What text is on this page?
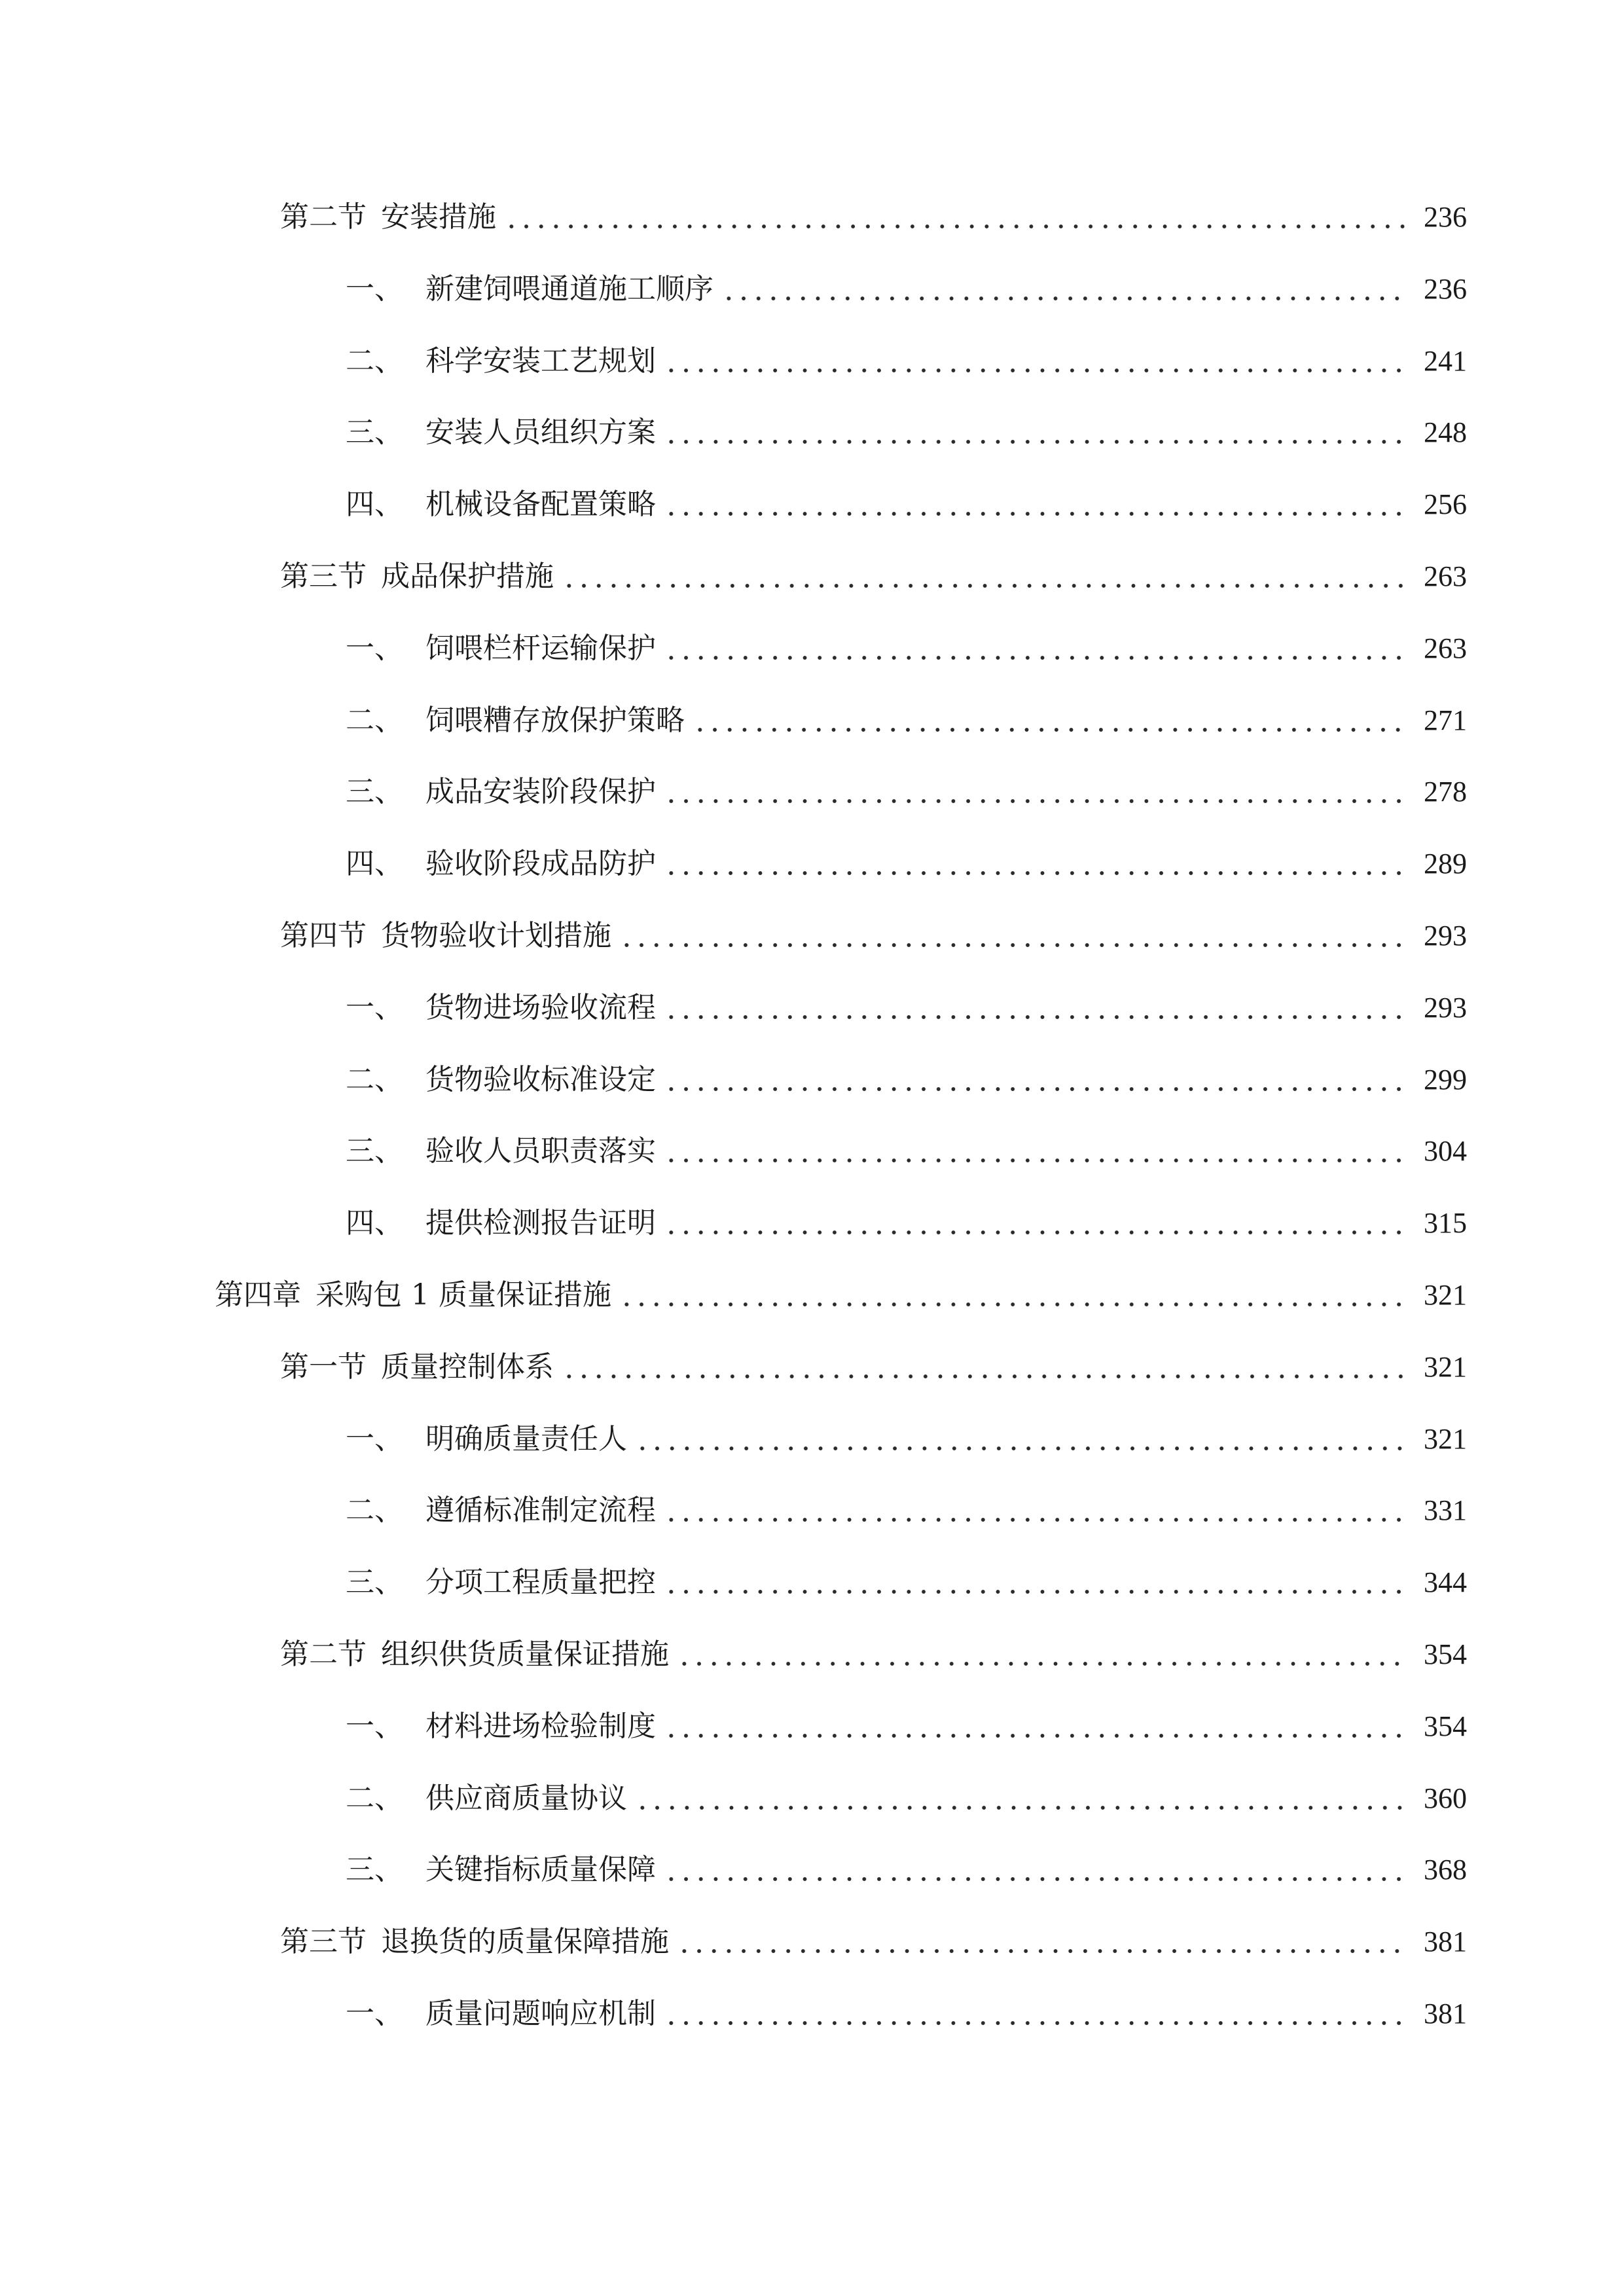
第二节 安装措施	236
一、 新建饲喂通道施工顺序	236
二、 科学安装工艺规划	241
三、 安装人员组织方案	248
四、 机械设备配置策略	256
第三节 成品保护措施	263
一、 饲喂栏杆运输保护	263
二、 饲喂糟存放保护策略	271
三、 成品安装阶段保护	278
四、 验收阶段成品防护	289
第四节 货物验收计划措施	293
一、 货物进场验收流程	293
二、 货物验收标准设定	299
三、 验收人员职责落实	304
四、 提供检测报告证明	315
第四章 采购包 1 质量保证措施	321
第一节 质量控制体系	321
一、 明确质量责任人	321
二、 遵循标准制定流程	331
三、 分项工程质量把控	344
第二节 组织供货质量保证措施	354
一、 材料进场检验制度	354
二、 供应商质量协议	360
三、 关键指标质量保障	368
第三节 退换货的质量保障措施	381
一、 质量问题响应机制	381
